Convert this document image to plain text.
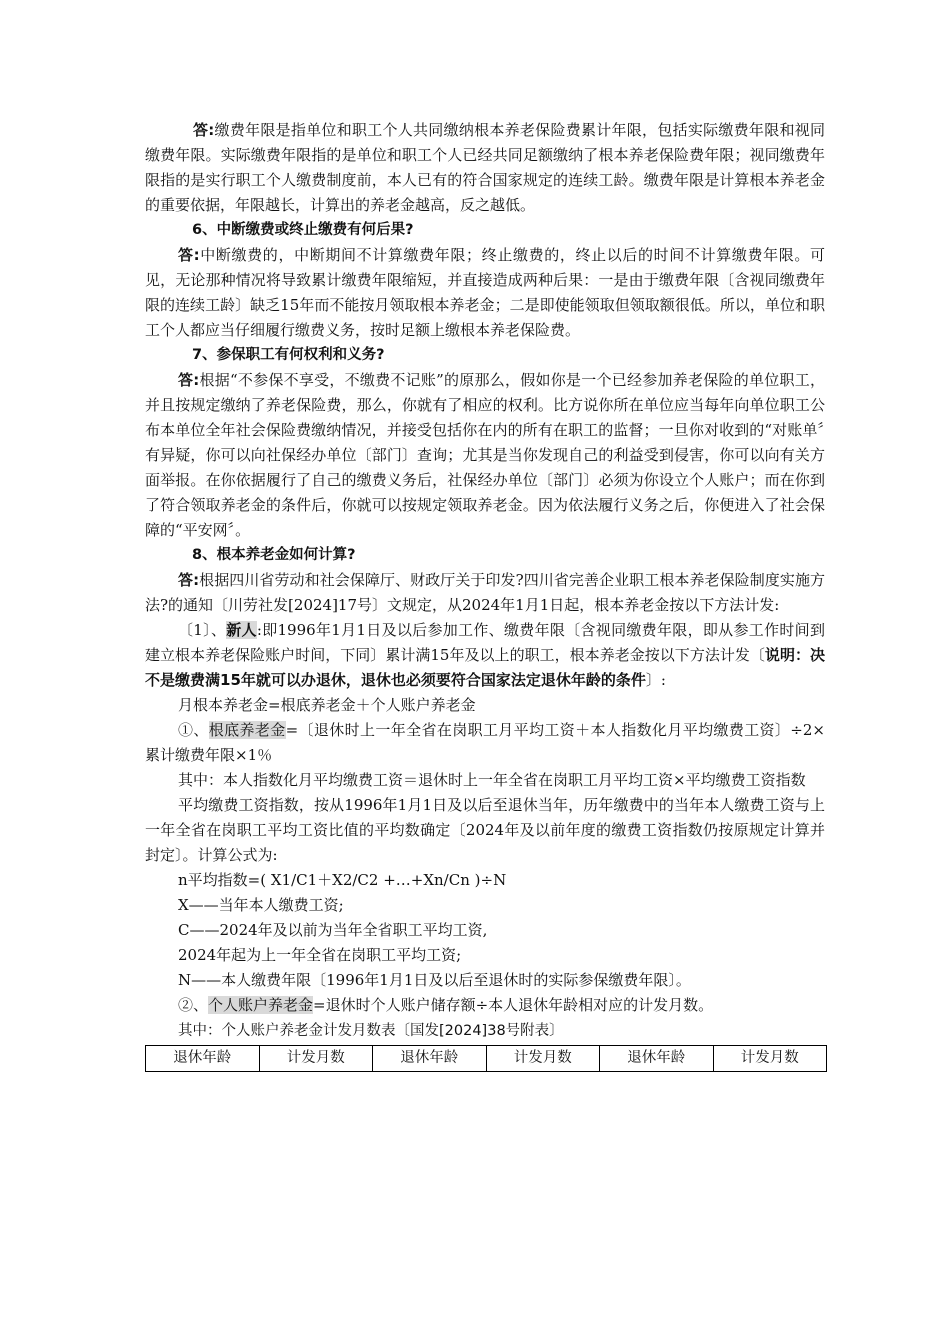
答:缴费年限是指单位和职工个人共同缴纳根本养老保险费累计年限，包括实际缴费年限和视同缴费年限。实际缴费年限指的是单位和职工个人已经共同足额缴纳了根本养老保险费年限；视同缴费年限指的是实行职工个人缴费制度前，本人已有的符合国家规定的连续工龄。缴费年限是计算根本养老金的重要依据，年限越长，计算出的养老金越高，反之越低。

6、中断缴费或终止缴费有何后果?

答:中断缴费的，中断期间不计算缴费年限；终止缴费的，终止以后的时间不计算缴费年限。可见，无论那种情况将导致累计缴费年限缩短，并直接造成两种后果：一是由于缴费年限〔含视同缴费年限的连续工龄〕缺乏15年而不能按月领取根本养老金；二是即使能领取但领取额很低。所以，单位和职工个人都应当仔细履行缴费义务，按时足额上缴根本养老保险费。

7、参保职工有何权利和义务?

答:根据“不参保不享受，不缴费不记账”的原那么，假如你是一个已经参加养老保险的单位职工，并且按规定缴纳了养老保险费，那么，你就有了相应的权利。比方说你所在单位应当每年向单位职工公布本单位全年社会保险费缴纳情况，并接受包括你在内的所有在职工的监督；一旦你对收到的“对账单〞有异疑，你可以向社保经办单位〔部门〕查询；尤其是当你发现自己的利益受到侵害，你可以向有关方面举报。在你依据履行了自己的缴费义务后，社保经办单位〔部门〕必须为你设立个人账户；而在你到了符合领取养老金的条件后，你就可以按规定领取养老金。因为依法履行义务之后，你便进入了社会保障的“平安网〞。

8、根本养老金如何计算?

答:根据四川省劳动和社会保障厅、财政厅关于印发?四川省完善企业职工根本养老保险制度实施方法?的通知〔川劳社发[2024]17号〕文规定，从2024年1月1日起，根本养老金按以下方法计发:

〔1〕、新人:即1996年1月1日及以后参加工作、缴费年限〔含视同缴费年限，即从参工作时间到建立根本养老保险账户时间，下同〕累计满15年及以上的职工，根本养老金按以下方法计发〔说明：决不是缴费满15年就可以办退休，退休也必须要符合国家法定退休年龄的条件〕:

月根本养老金=根底养老金＋个人账户养老金

①、根底养老金=〔退休时上一年全省在岗职工月平均工资＋本人指数化月平均缴费工资〕÷2×累计缴费年限×1％

其中：本人指数化月平均缴费工资＝退休时上一年全省在岗职工月平均工资×平均缴费工资指数

平均缴费工资指数，按从1996年1月1日及以后至退休当年，历年缴费中的当年本人缴费工资与上一年全省在岗职工平均工资比值的平均数确定〔2024年及以前年度的缴费工资指数仍按原规定计算并封定〕。计算公式为:

n平均指数=( X1/C1＋X2/C2 +…+Xn/Cn )÷N

X——当年本人缴费工资;

C——2024年及以前为当年全省职工平均工资,

2024年起为上一年全省在岗职工平均工资;

N——本人缴费年限〔1996年1月1日及以后至退休时的实际参保缴费年限〕。

②、个人账户养老金=退休时个人账户储存额÷本人退休年龄相对应的计发月数。

其中：个人账户养老金计发月数表〔国发[2024]38号附表〕

退休年龄	计发月数	退休年龄	计发月数	退休年龄	计发月数
